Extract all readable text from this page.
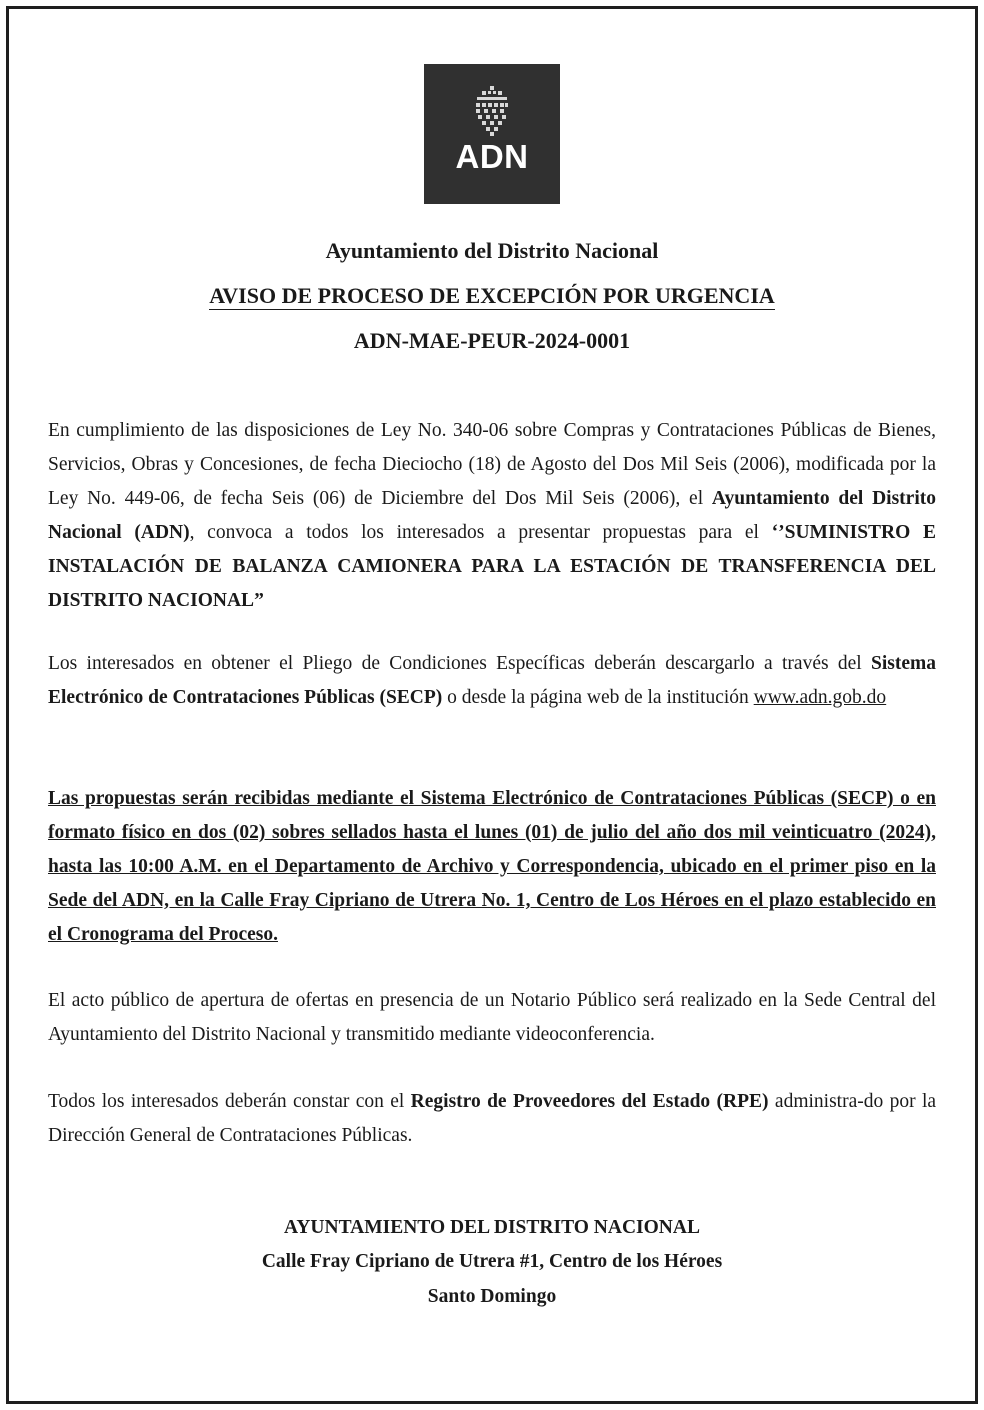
ADN
Ayuntamiento del Distrito Nacional
AVISO DE PROCESO DE EXCEPCIÓN POR URGENCIA
ADN-MAE-PEUR-2024-0001
En cumplimiento de las disposiciones de Ley No. 340-06 sobre Compras y Contrataciones Públicas de Bienes, Servicios, Obras y Concesiones, de fecha Dieciocho (18) de Agosto del Dos Mil Seis (2006), modificada por la Ley No. 449-06, de fecha Seis (06) de Diciembre del Dos Mil Seis (2006), el Ayuntamiento del Distrito Nacional (ADN), convoca a todos los interesados a presentar propuestas para el ‘’SUMINISTRO E INSTALACIÓN DE BALANZA CAMIONERA PARA LA ESTACIÓN DE TRANSFERENCIA DEL DISTRITO NACIONAL”
Los interesados en obtener el Pliego de Condiciones Específicas deberán descargarlo a través del Sistema Electrónico de Contrataciones Públicas (SECP) o desde la página web de la institución www.adn.gob.do
Las propuestas serán recibidas mediante el Sistema Electrónico de Contrataciones Públicas (SECP) o en formato físico en dos (02) sobres sellados hasta el lunes (01) de julio del año dos mil veinticuatro (2024), hasta las 10:00 A.M. en el Departamento de Archivo y Correspondencia, ubicado en el primer piso en la Sede del ADN, en la Calle Fray Cipriano de Utrera No. 1, Centro de Los Héroes en el plazo establecido en el Cronograma del Proceso.
El acto público de apertura de ofertas en presencia de un Notario Público será realizado en la Sede Central del Ayuntamiento del Distrito Nacional y transmitido mediante videoconferencia.
Todos los interesados deberán constar con el Registro de Proveedores del Estado (RPE) administra-do por la Dirección General de Contrataciones Públicas.
AYUNTAMIENTO DEL DISTRITO NACIONAL
Calle Fray Cipriano de Utrera #1, Centro de los Héroes
Santo Domingo
